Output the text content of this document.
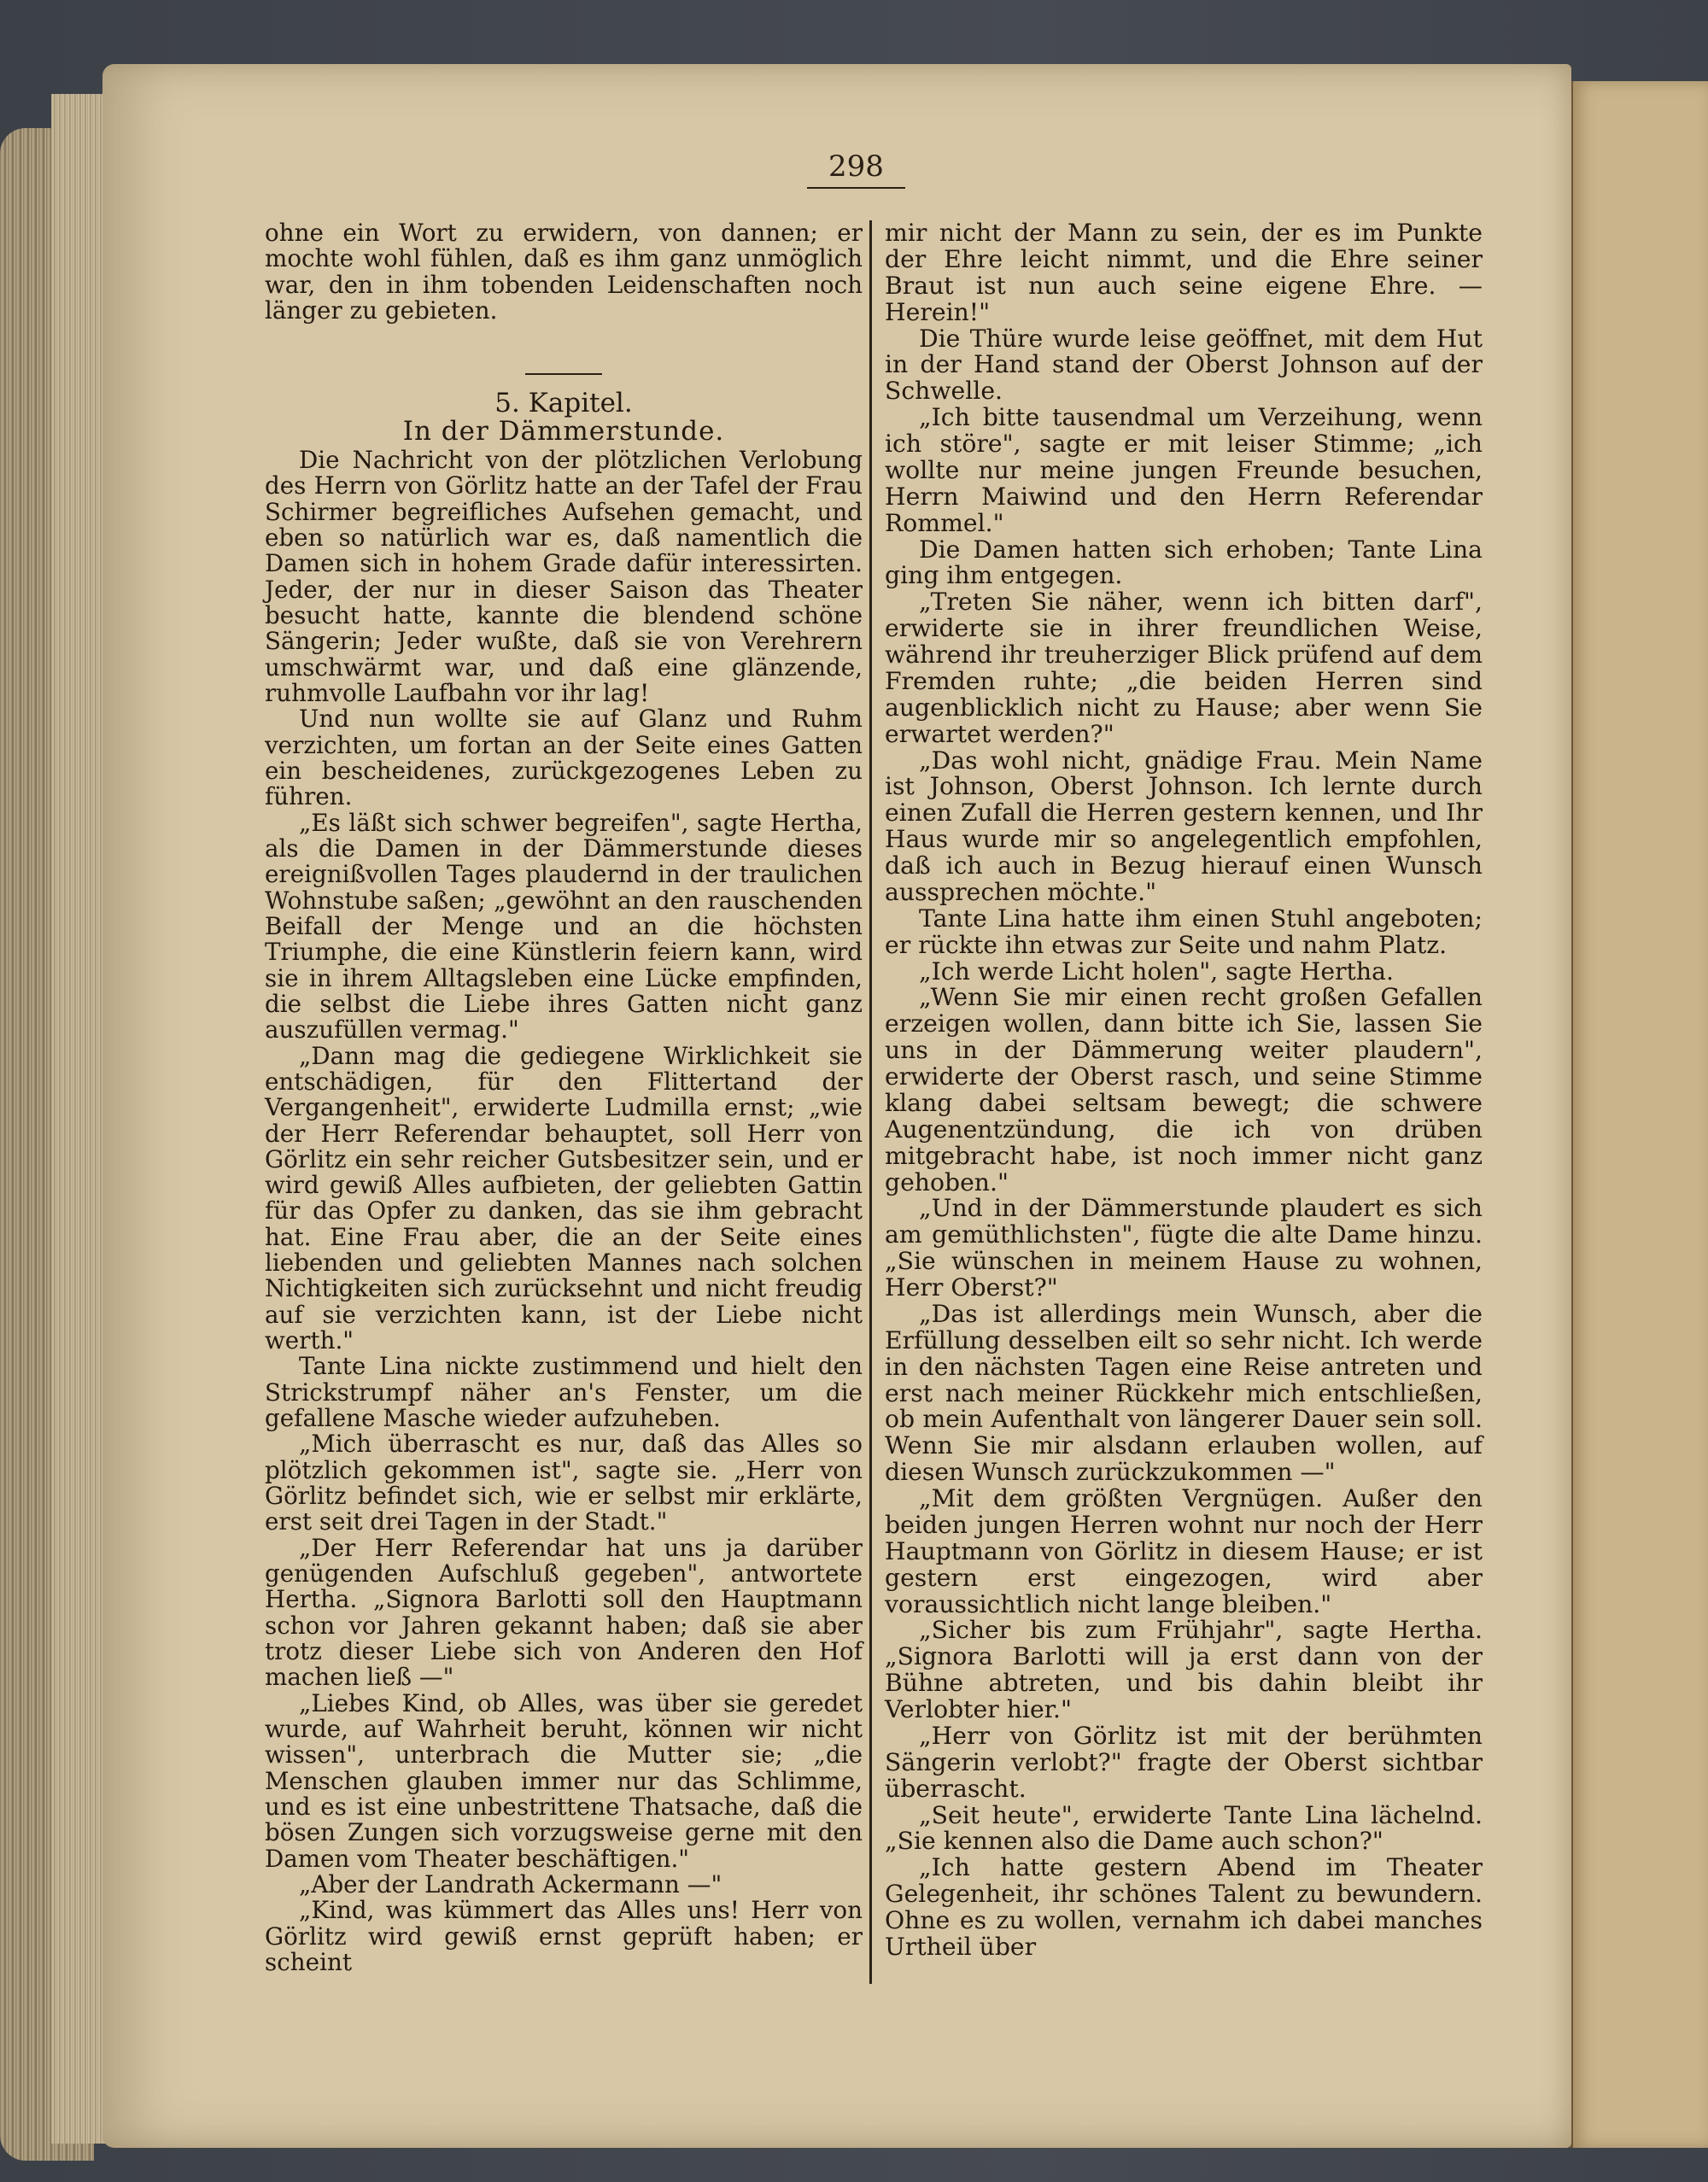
298

ohne ein Wort zu erwidern, von dannen; er mochte wohl fühlen, daß es ihm ganz unmöglich war, den in ihm tobenden Leidenschaften noch länger zu gebieten.

5. Kapitel.

In der Dämmerstunde.

Die Nachricht von der plötzlichen Verlobung des Herrn von Görlitz hatte an der Tafel der Frau Schirmer begreifliches Aufsehen gemacht, und eben so natürlich war es, daß namentlich die Damen sich in hohem Grade dafür interessirten. Jeder, der nur in dieser Saison das Theater besucht hatte, kannte die blendend schöne Sängerin; Jeder wußte, daß sie von Verehrern umschwärmt war, und daß eine glänzende, ruhmvolle Laufbahn vor ihr lag!

Und nun wollte sie auf Glanz und Ruhm verzichten, um fortan an der Seite eines Gatten ein bescheidenes, zurückgezogenes Leben zu führen.

„Es läßt sich schwer begreifen", sagte Hertha, als die Damen in der Dämmerstunde dieses ereignißvollen Tages plaudernd in der traulichen Wohnstube saßen; „gewöhnt an den rauschenden Beifall der Menge und an die höchsten Triumphe, die eine Künstlerin feiern kann, wird sie in ihrem Alltagsleben eine Lücke empfinden, die selbst die Liebe ihres Gatten nicht ganz auszufüllen vermag."

„Dann mag die gediegene Wirklichkeit sie entschädigen, für den Flittertand der Vergangenheit", erwiderte Ludmilla ernst; „wie der Herr Referendar behauptet, soll Herr von Görlitz ein sehr reicher Gutsbesitzer sein, und er wird gewiß Alles aufbieten, der geliebten Gattin für das Opfer zu danken, das sie ihm gebracht hat. Eine Frau aber, die an der Seite eines liebenden und geliebten Mannes nach solchen Nichtigkeiten sich zurücksehnt und nicht freudig auf sie verzichten kann, ist der Liebe nicht werth."

Tante Lina nickte zustimmend und hielt den Strickstrumpf näher an's Fenster, um die gefallene Masche wieder aufzuheben.

„Mich überrascht es nur, daß das Alles so plötzlich gekommen ist", sagte sie. „Herr von Görlitz befindet sich, wie er selbst mir erklärte, erst seit drei Tagen in der Stadt."

„Der Herr Referendar hat uns ja darüber genügenden Aufschluß gegeben", antwortete Hertha. „Signora Barlotti soll den Hauptmann schon vor Jahren gekannt haben; daß sie aber trotz dieser Liebe sich von Anderen den Hof machen ließ —"

„Liebes Kind, ob Alles, was über sie geredet wurde, auf Wahrheit beruht, können wir nicht wissen", unterbrach die Mutter sie; „die Menschen glauben immer nur das Schlimme, und es ist eine unbestrittene Thatsache, daß die bösen Zungen sich vorzugsweise gerne mit den Damen vom Theater beschäftigen."

„Aber der Landrath Ackermann —"

„Kind, was kümmert das Alles uns! Herr von Görlitz wird gewiß ernst geprüft haben; er scheint

mir nicht der Mann zu sein, der es im Punkte der Ehre leicht nimmt, und die Ehre seiner Braut ist nun auch seine eigene Ehre. — Herein!"

Die Thüre wurde leise geöffnet, mit dem Hut in der Hand stand der Oberst Johnson auf der Schwelle.

„Ich bitte tausendmal um Verzeihung, wenn ich störe", sagte er mit leiser Stimme; „ich wollte nur meine jungen Freunde besuchen, Herrn Maiwind und den Herrn Referendar Rommel."

Die Damen hatten sich erhoben; Tante Lina ging ihm entgegen.

„Treten Sie näher, wenn ich bitten darf", erwiderte sie in ihrer freundlichen Weise, während ihr treuherziger Blick prüfend auf dem Fremden ruhte; „die beiden Herren sind augenblicklich nicht zu Hause; aber wenn Sie erwartet werden?"

„Das wohl nicht, gnädige Frau. Mein Name ist Johnson, Oberst Johnson. Ich lernte durch einen Zufall die Herren gestern kennen, und Ihr Haus wurde mir so angelegentlich empfohlen, daß ich auch in Bezug hierauf einen Wunsch aussprechen möchte."

Tante Lina hatte ihm einen Stuhl angeboten; er rückte ihn etwas zur Seite und nahm Platz.

„Ich werde Licht holen", sagte Hertha.

„Wenn Sie mir einen recht großen Gefallen erzeigen wollen, dann bitte ich Sie, lassen Sie uns in der Dämmerung weiter plaudern", erwiderte der Oberst rasch, und seine Stimme klang dabei seltsam bewegt; die schwere Augenentzündung, die ich von drüben mitgebracht habe, ist noch immer nicht ganz gehoben."

„Und in der Dämmerstunde plaudert es sich am gemüthlichsten", fügte die alte Dame hinzu. „Sie wünschen in meinem Hause zu wohnen, Herr Oberst?"

„Das ist allerdings mein Wunsch, aber die Erfüllung desselben eilt so sehr nicht. Ich werde in den nächsten Tagen eine Reise antreten und erst nach meiner Rückkehr mich entschließen, ob mein Aufenthalt von längerer Dauer sein soll. Wenn Sie mir alsdann erlauben wollen, auf diesen Wunsch zurückzukommen —"

„Mit dem größten Vergnügen. Außer den beiden jungen Herren wohnt nur noch der Herr Hauptmann von Görlitz in diesem Hause; er ist gestern erst eingezogen, wird aber voraussichtlich nicht lange bleiben."

„Sicher bis zum Frühjahr", sagte Hertha. „Signora Barlotti will ja erst dann von der Bühne abtreten, und bis dahin bleibt ihr Verlobter hier."

„Herr von Görlitz ist mit der berühmten Sängerin verlobt?" fragte der Oberst sichtbar überrascht.

„Seit heute", erwiderte Tante Lina lächelnd. „Sie kennen also die Dame auch schon?"

„Ich hatte gestern Abend im Theater Gelegenheit, ihr schönes Talent zu bewundern. Ohne es zu wollen, vernahm ich dabei manches Urtheil über
